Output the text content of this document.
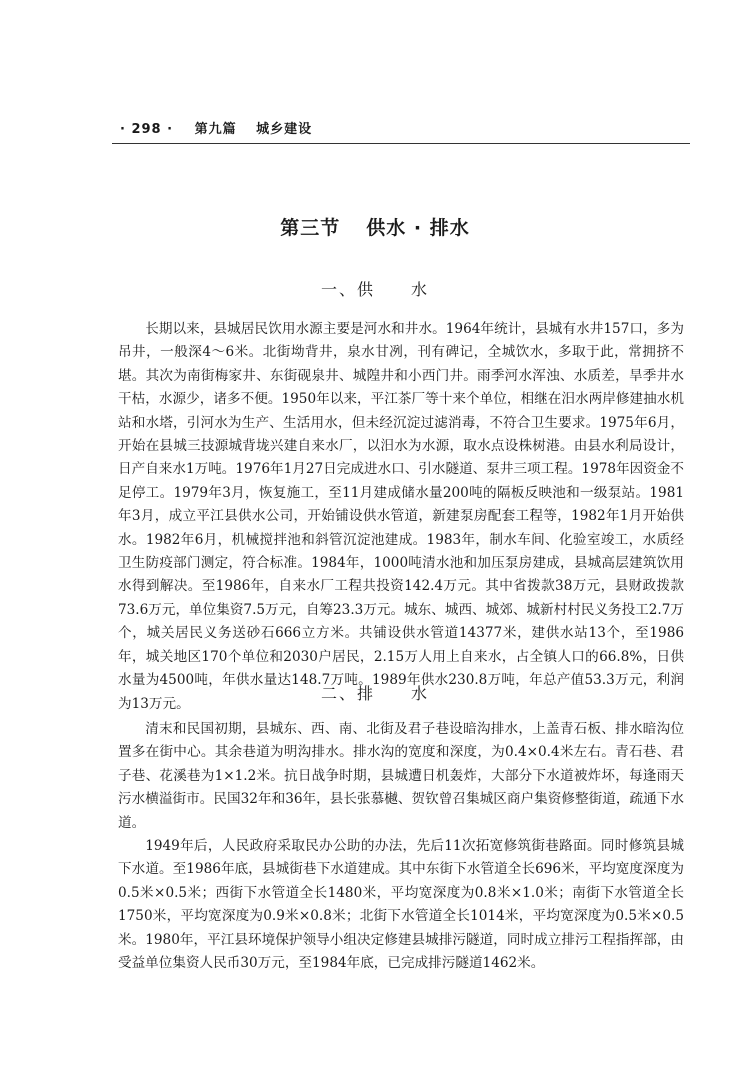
· 298 · 第九篇 城乡建设
第三节 供水 · 排水
一、供 水

长期以来，县城居民饮用水源主要是河水和井水。1964年统计，县城有水井157口，多为吊井，一般深4～6米。北街坳背井，泉水甘冽，刊有碑记，全城饮水，多取于此，常拥挤不堪。其次为南街梅家井、东街砚泉井、城隍井和小西门井。雨季河水浑浊、水质差，旱季井水干枯，水源少，诸多不便。1950年以来，平江茶厂等十来个单位，相继在汨水两岸修建抽水机站和水塔，引河水为生产、生活用水，但未经沉淀过滤消毒，不符合卫生要求。1975年6月，开始在县城三技源城背垅兴建自来水厂，以汨水为水源，取水点设株树港。由县水利局设计，日产自来水1万吨。1976年1月27日完成进水口、引水隧道、泵井三项工程。1978年因资金不足停工。1979年3月，恢复施工，至11月建成储水量200吨的隔板反映池和一级泵站。1981年3月，成立平江县供水公司，开始铺设供水管道，新建泵房配套工程等，1982年1月开始供水。1982年6月，机械搅拌池和斜管沉淀池建成。1983年，制水车间、化验室竣工，水质经卫生防疫部门测定，符合标准。1984年，1000吨清水池和加压泵房建成，县城高层建筑饮用水得到解决。至1986年，自来水厂工程共投资142.4万元。其中省拨款38万元，县财政拨款73.6万元，单位集资7.5万元，自筹23.3万元。城东、城西、城郊、城新村村民义务投工2.7万个，城关居民义务送砂石666立方米。共铺设供水管道14377米，建供水站13个，至1986年，城关地区170个单位和2030户居民，2.15万人用上自来水，占全镇人口的66.8%，日供水量为4500吨，年供水量达148.7万吨。1989年供水230.8万吨，年总产值53.3万元，利润为13万元。

二、排 水

清末和民国初期，县城东、西、南、北街及君子巷设暗沟排水，上盖青石板、排水暗沟位置多在街中心。其余巷道为明沟排水。排水沟的宽度和深度，为0.4×0.4米左右。青石巷、君子巷、花溪巷为1×1.2米。抗日战争时期，县城遭日机轰炸，大部分下水道被炸坏，每逢雨天污水横溢街市。民国32年和36年，县长张慕樾、贺钦曾召集城区商户集资修整街道，疏通下水道。

1949年后，人民政府采取民办公助的办法，先后11次拓宽修筑街巷路面。同时修筑县城下水道。至1986年底，县城街巷下水道建成。其中东街下水管道全长696米，平均宽度深度为0.5米×0.5米；西街下水管道全长1480米，平均宽深度为0.8米×1.0米；南街下水管道全长1750米，平均宽深度为0.9米×0.8米；北街下水管道全长1014米，平均宽深度为0.5米×0.5米。1980年，平江县环境保护领导小组决定修建县城排污隧道，同时成立排污工程指挥部，由受益单位集资人民币30万元，至1984年底，已完成排污隧道1462米。
